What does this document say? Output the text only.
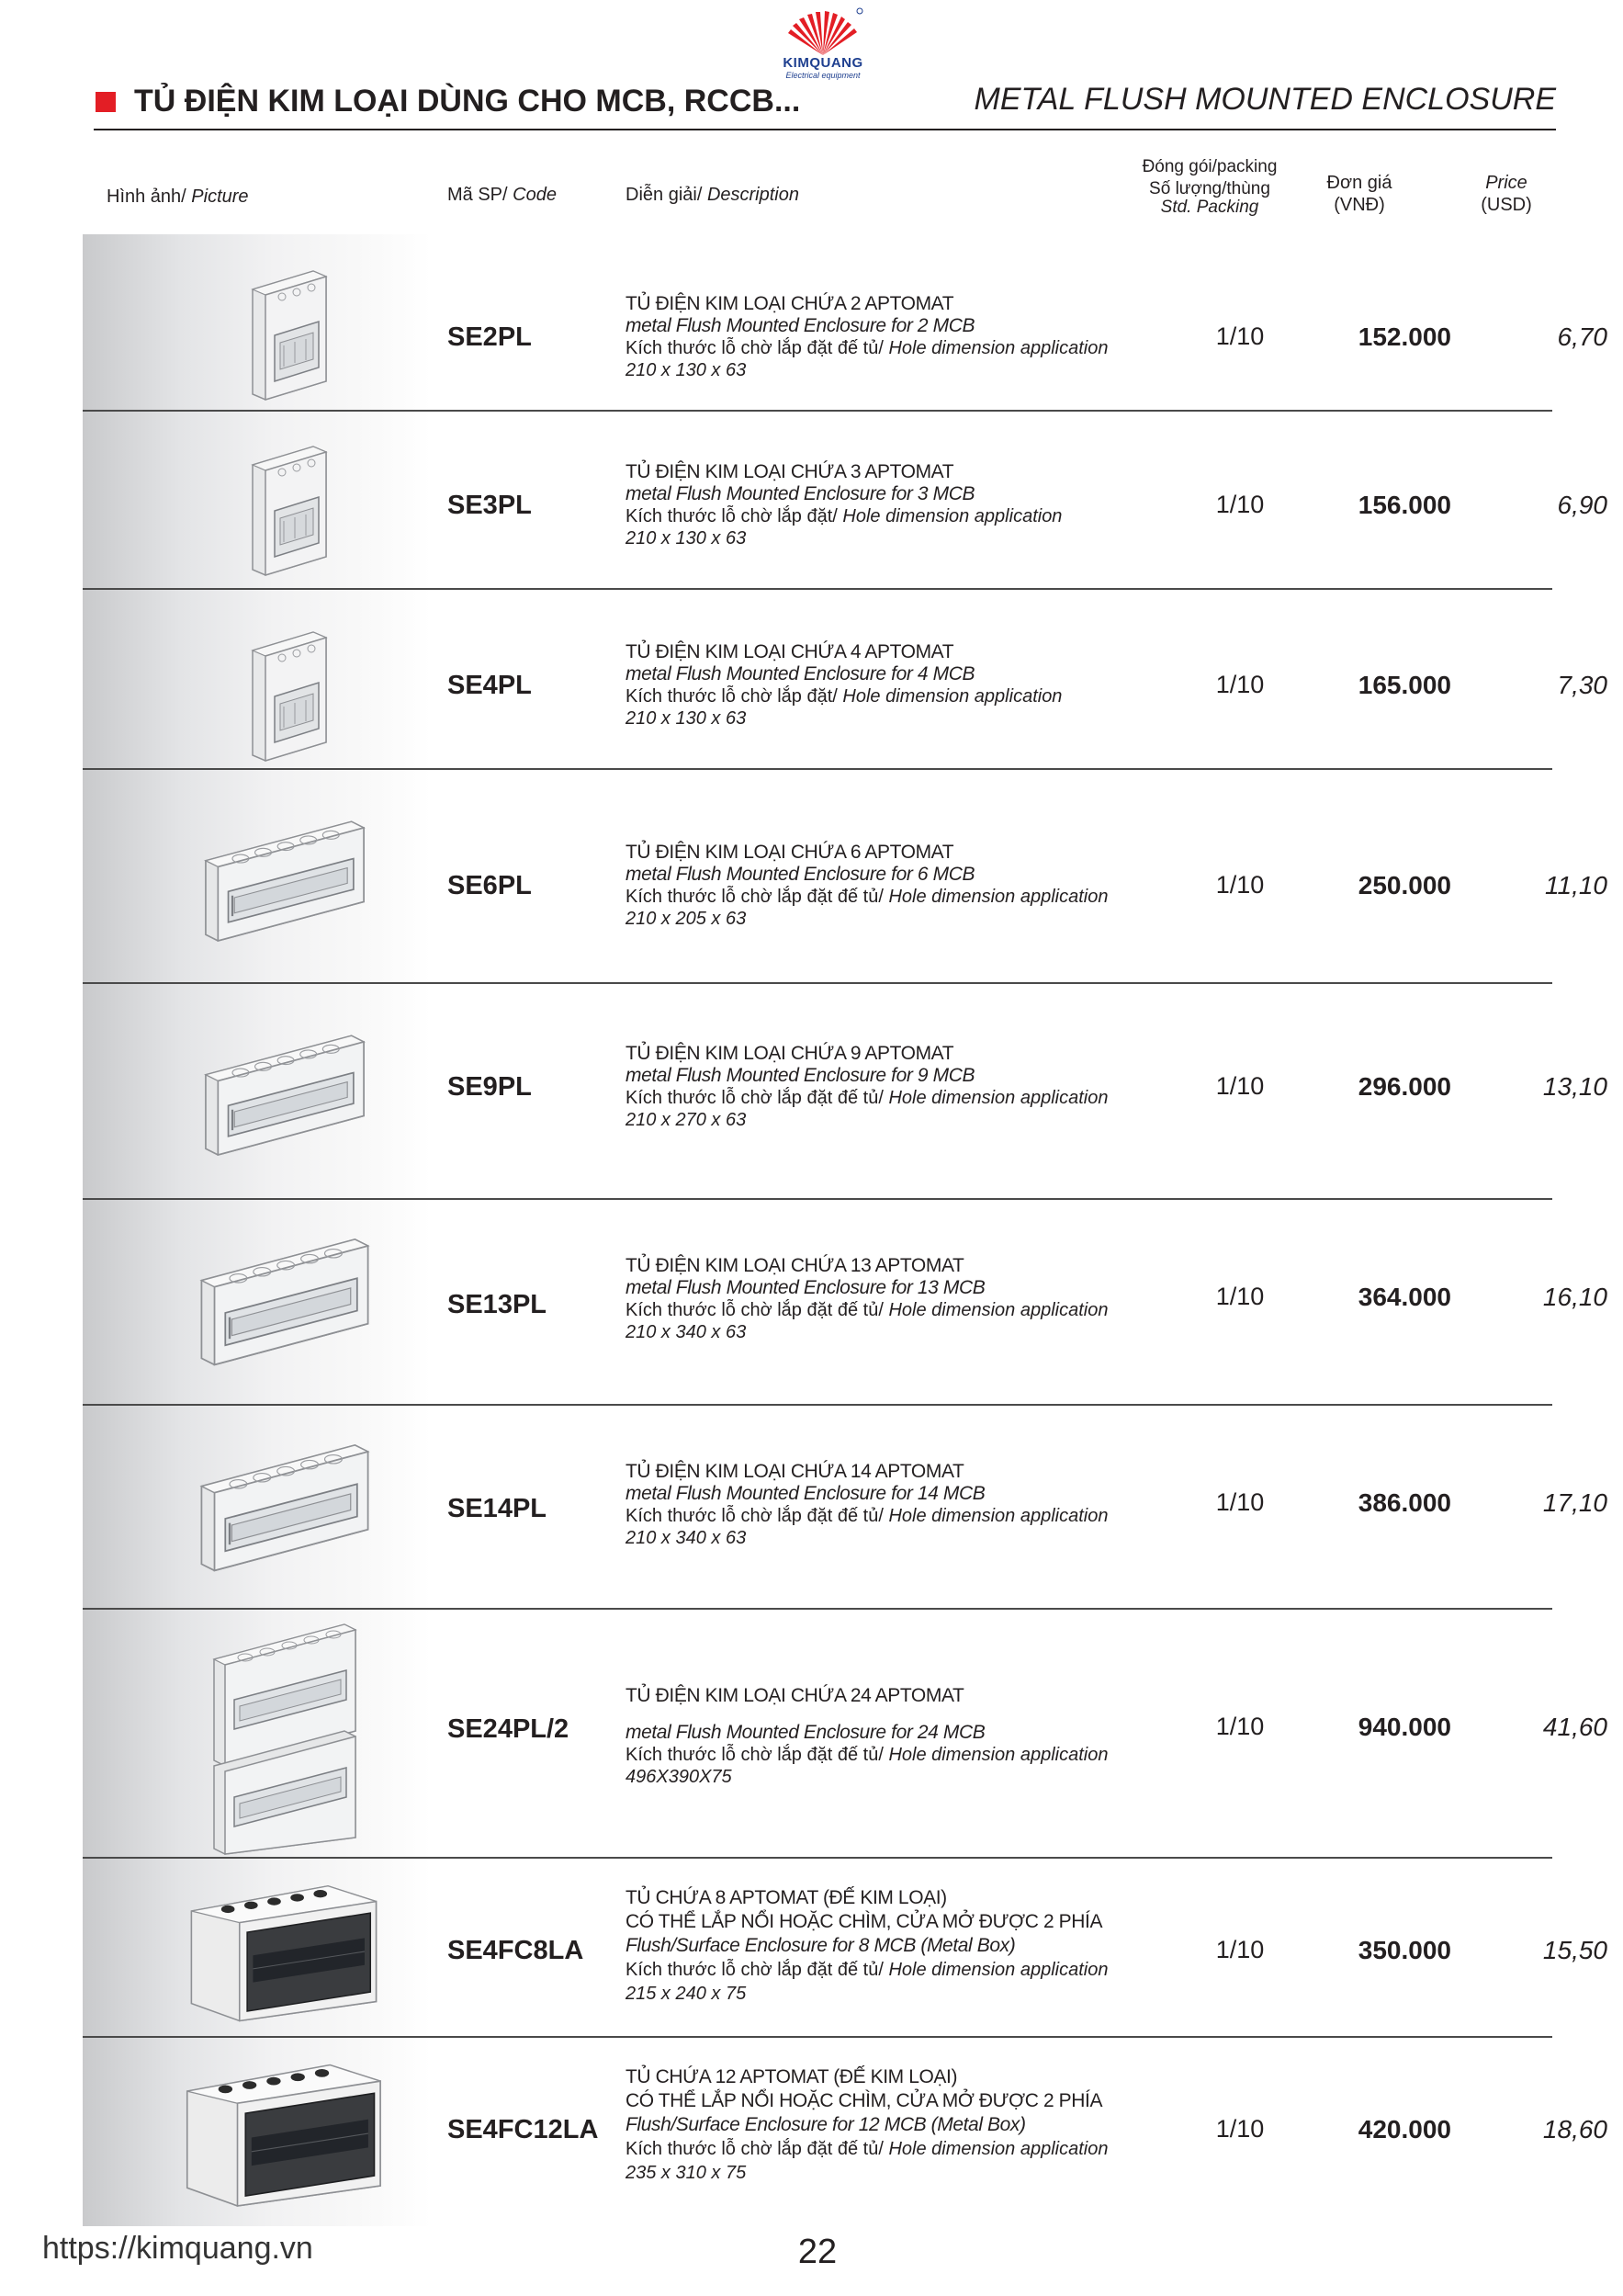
KIMQUANG
Electrical equipment
TỦ ĐIỆN KIM LOẠI DÙNG CHO MCB, RCCB...	METAL FLUSH MOUNTED ENCLOSURE
Hình ảnh/ Picture	Mã SP/ Code	Diễn giải/ Description
Đóng gói/packing
Số lượng/thùng
Std. Packing
Đơn giá
(VNĐ)
Price
(USD)
SE2PL
TỦ ĐIỆN KIM LOẠI CHỨA 2 APTOMAT
metal Flush Mounted Enclosure for 2 MCB
Kích thước lỗ chờ lắp đặt đế tủ/ Hole dimension application
210 x 130 x 63
1/10	152.000	6,70
SE3PL
TỦ ĐIỆN KIM LOẠI CHỨA 3 APTOMAT
metal Flush Mounted Enclosure for 3 MCB
Kích thước lỗ chờ lắp đặt/ Hole dimension application
210 x 130 x 63
1/10	156.000	6,90
SE4PL
TỦ ĐIỆN KIM LOẠI CHỨA 4 APTOMAT
metal Flush Mounted Enclosure for 4 MCB
Kích thước lỗ chờ lắp đặt/ Hole dimension application
210 x 130 x 63
1/10	165.000	7,30
SE6PL
TỦ ĐIỆN KIM LOẠI CHỨA 6 APTOMAT
metal Flush Mounted Enclosure for 6 MCB
Kích thước lỗ chờ lắp đặt đế tủ/ Hole dimension application
210 x 205 x 63
1/10	250.000	11,10
SE9PL
TỦ ĐIỆN KIM LOẠI CHỨA 9 APTOMAT
metal Flush Mounted Enclosure for 9 MCB
Kích thước lỗ chờ lắp đặt đế tủ/ Hole dimension application
210 x 270 x 63
1/10	296.000	13,10
SE13PL
TỦ ĐIỆN KIM LOẠI CHỨA 13 APTOMAT
metal Flush Mounted Enclosure for 13 MCB
Kích thước lỗ chờ lắp đặt đế tủ/ Hole dimension application
210 x 340 x 63
1/10	364.000	16,10
SE14PL
TỦ ĐIỆN KIM LOẠI CHỨA 14 APTOMAT
metal Flush Mounted Enclosure for 14 MCB
Kích thước lỗ chờ lắp đặt đế tủ/ Hole dimension application
210 x 340 x 63
1/10	386.000	17,10
SE24PL/2
TỦ ĐIỆN KIM LOẠI CHỨA 24 APTOMAT
metal Flush Mounted Enclosure for 24 MCB
Kích thước lỗ chờ lắp đặt đế tủ/ Hole dimension application
496X390X75
1/10	940.000	41,60
SE4FC8LA
TỦ CHỨA 8 APTOMAT (ĐẾ KIM LOẠI)
CÓ THỂ LẮP NỔI HOẶC CHÌM, CỬA MỞ ĐƯỢC 2 PHÍA
Flush/Surface Enclosure for 8 MCB (Metal Box)
Kích thước lỗ chờ lắp đặt đế tủ/ Hole dimension application
215 x 240 x 75
1/10	350.000	15,50
SE4FC12LA
TỦ CHỨA 12 APTOMAT (ĐẾ KIM LOẠI)
CÓ THỂ LẮP NỔI HOẶC CHÌM, CỬA MỞ ĐƯỢC 2 PHÍA
Flush/Surface Enclosure for 12 MCB (Metal Box)
Kích thước lỗ chờ lắp đặt đế tủ/ Hole dimension application
235 x 310 x 75
1/10	420.000	18,60
https://kimquang.vn	22
